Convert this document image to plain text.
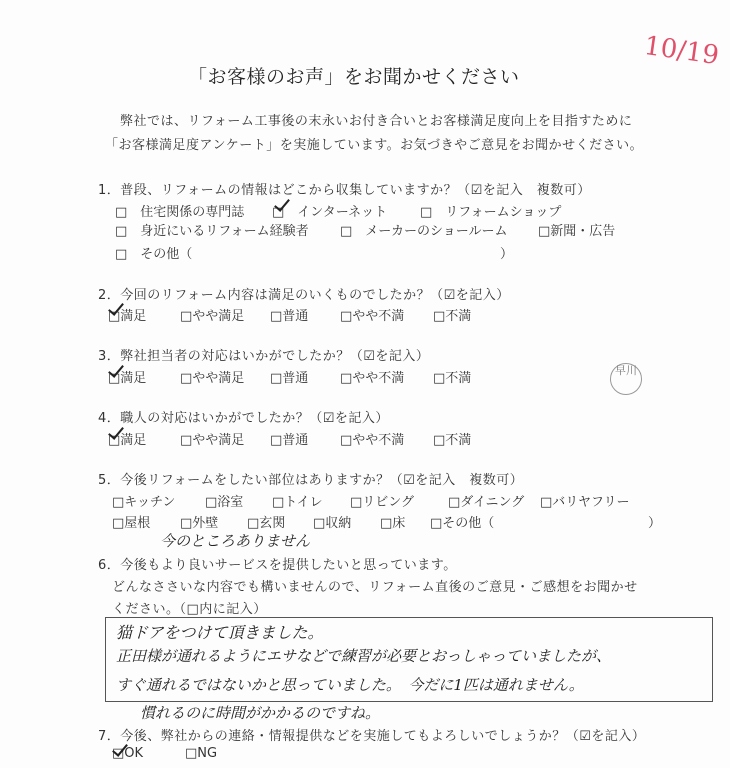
10/19
「お客様のお声」をお聞かせください
弊社では、リフォーム工事後の末永いお付き合いとお客様満足度向上を目指すために
「お客様満足度アンケート」を実施しています。お気づきやご意見をお聞かせください。
1．普段、リフォームの情報はどこから収集していますか？（☑を記入　複数可）
□　住宅関係の専門誌 □　インターネット	□　リフォームショップ
□　身近にいるリフォーム経験者 □　メーカーのショールーム □新聞・広告
□　その他（	）
2．今回のリフォーム内容は満足のいくものでしたか？（☑を記入）
□満足	□やや満足 □普通 □やや不満 □不満
3．弊社担当者の対応はいかがでしたか？（☑を記入）
□満足	□やや満足 □普通 □やや不満 □不満
早川
4．職人の対応はいかがでしたか？（☑を記入）
□満足	□やや満足 □普通 □やや不満 □不満
5．今後リフォームをしたい部位はありますか？（☑を記入　複数可）
□キッチン □浴室 □トイレ □リビング	□ダイニング □バリヤフリー
□屋根 □外壁 □玄関 □収納 □床 □その他（	）
今のところありません
6．今後もより良いサービスを提供したいと思っています。
どんなささいな内容でも構いませんので、リフォーム直後のご意見・ご感想をお聞かせ
ください。（□内に記入）
猫ドアをつけて頂きました。
正田様が通れるようにエサなどで練習が必要とおっしゃっていましたが、
すぐ通れるではないかと思っていました。　今だに1匹は通れません。
慣れるのに時間がかかるのですね。
7．今後、弊社からの連絡・情報提供などを実施してもよろしいでしょうか？（☑を記入）
□OK	□NG
